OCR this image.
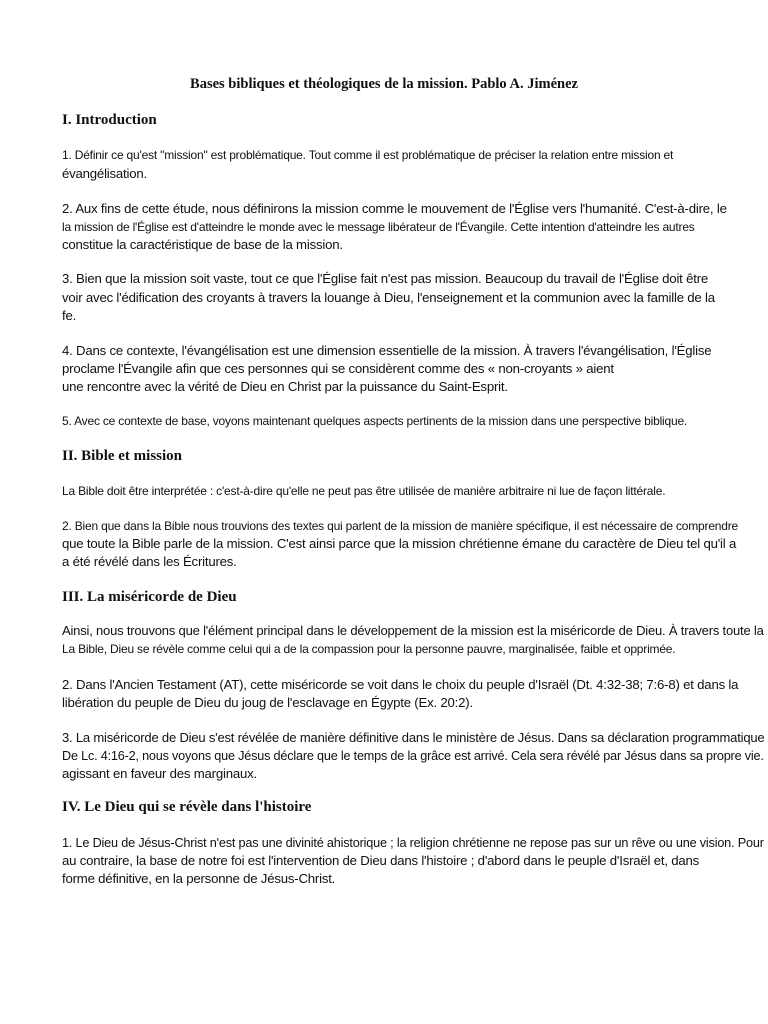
Bases bibliques et théologiques de la mission. Pablo A. Jiménez
I. Introduction

1. Définir ce qu'est "mission" est problématique. Tout comme il est problématique de préciser la relation entre mission et

évangélisation.

2. Aux fins de cette étude, nous définirons la mission comme le mouvement de l'Église vers l'humanité. C'est-à-dire, le

la mission de l'Église est d'atteindre le monde avec le message libérateur de l'Évangile. Cette intention d'atteindre les autres

constitue la caractéristique de base de la mission.

3. Bien que la mission soit vaste, tout ce que l'Église fait n'est pas mission. Beaucoup du travail de l'Église doit être

voir avec l'édification des croyants à travers la louange à Dieu, l'enseignement et la communion avec la famille de la

fe.

4. Dans ce contexte, l'évangélisation est une dimension essentielle de la mission. À travers l'évangélisation, l'Église

proclame l'Évangile afin que ces personnes qui se considèrent comme des « non-croyants » aient

une rencontre avec la vérité de Dieu en Christ par la puissance du Saint-Esprit.

5. Avec ce contexte de base, voyons maintenant quelques aspects pertinents de la mission dans une perspective biblique.

II. Bible et mission

La Bible doit être interprétée : c'est-à-dire qu'elle ne peut pas être utilisée de manière arbitraire ni lue de façon littérale.

2. Bien que dans la Bible nous trouvions des textes qui parlent de la mission de manière spécifique, il est nécessaire de comprendre

que toute la Bible parle de la mission. C'est ainsi parce que la mission chrétienne émane du caractère de Dieu tel qu'il a

a été révélé dans les Écritures.

III. La miséricorde de Dieu

Ainsi, nous trouvons que l'élément principal dans le développement de la mission est la miséricorde de Dieu. À travers toute la

La Bible, Dieu se révèle comme celui qui a de la compassion pour la personne pauvre, marginalisée, faible et opprimée.

2. Dans l'Ancien Testament (AT), cette miséricorde se voit dans le choix du peuple d'Israël (Dt. 4:32-38; 7:6-8) et dans la

libération du peuple de Dieu du joug de l'esclavage en Égypte (Ex. 20:2).

3. La miséricorde de Dieu s'est révélée de manière définitive dans le ministère de Jésus. Dans sa déclaration programmatique

De Lc. 4:16-2, nous voyons que Jésus déclare que le temps de la grâce est arrivé. Cela sera révélé par Jésus dans sa propre vie.

agissant en faveur des marginaux.

IV. Le Dieu qui se révèle dans l'histoire

1. Le Dieu de Jésus-Christ n'est pas une divinité ahistorique ; la religion chrétienne ne repose pas sur un rêve ou une vision. Pour

au contraire, la base de notre foi est l'intervention de Dieu dans l'histoire ; d'abord dans le peuple d'Israël et, dans

forme définitive, en la personne de Jésus-Christ.
